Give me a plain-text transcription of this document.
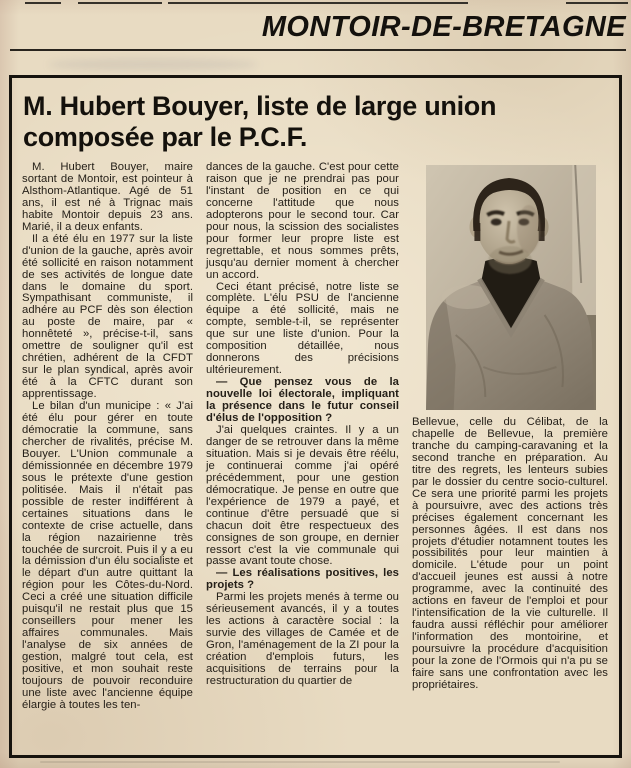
MONTOIR-DE-BRETAGNE
M. Hubert Bouyer, liste de large union composée par le P.C.F.

M. Hubert Bouyer, maire sortant de Montoir, est pointeur à Alsthom-Atlantique. Agé de 51 ans, il est né à Trignac mais habite Montoir depuis 23 ans. Marié, il a deux enfants.

Il a été élu en 1977 sur la liste d'union de la gauche, après avoir été sollicité en raison notamment de ses activités de longue date dans le domaine du sport. Sympathisant communiste, il adhére au PCF dès son élection au poste de maire, par « honnêteté », précise-t-il, sans omettre de souligner qu'il est chrétien, adhérent de la CFDT sur le plan syndical, après avoir été à la CFTC durant son apprentissage.

Le bilan d'un municipe : « J'ai été élu pour gérer en toute démocratie la commune, sans chercher de rivalités, précise M. Bouyer. L'Union communale a démissionnée en décembre 1979 sous le prétexte d'une gestion politisée. Mais il n'était pas possible de rester indifférent à certaines situations dans le contexte de crise actuelle, dans la région nazairienne très touchée de surcroit. Puis il y a eu la démission d'un élu socialiste et le départ d'un autre quittant la région pour les Côtes-du-Nord. Ceci a créé une situation difficile puisqu'il ne restait plus que 15 conseillers pour mener les affaires communales. Mais l'analyse de six années de gestion, malgré tout cela, est positive, et mon souhait reste toujours de pouvoir reconduire une liste avec l'ancienne équipe élargie à toutes les ten-

dances de la gauche. C'est pour cette raison que je ne prendrai pas pour l'instant de position en ce qui concerne l'attitude que nous adopterons pour le second tour. Car pour nous, la scission des socialistes pour former leur propre liste est regrettable, et nous sommes prêts, jusqu'au dernier moment à chercher un accord.

Ceci étant précisé, notre liste se complète. L'élu PSU de l'ancienne équipe a été sollicité, mais ne compte, semble-t-il, se représenter que sur une liste d'union. Pour la composition détaillée, nous donnerons des précisions ultérieurement.

— Que pensez vous de la nouvelle loi électorale, impliquant la présence dans le futur conseil d'élus de l'opposition ?

J'ai quelques craintes. Il y a un danger de se retrouver dans la même situation. Mais si je devais être réélu, je continuerai comme j'ai opéré précédemment, pour une gestion démocratique. Je pense en outre que l'expérience de 1979 a payé, et continue d'être persuadé que si chacun doit être respectueux des consignes de son groupe, en dernier ressort c'est la vie communale qui passe avant toute chose.

— Les réalisations positives, les projets ?

Parmi les projets menés à terme ou sérieusement avancés, il y a toutes les actions à caractère social : la survie des villages de Camée et de Gron, l'aménagement de la ZI pour la création d'emplois futurs, les acquisitions de terrains pour la restructuration du quartier de

Bellevue, celle du Célibat, de la chapelle de Bellevue, la première tranche du camping-caravaning et la second tranche en préparation. Au titre des regrets, les lenteurs subies par le dossier du centre socio-culturel. Ce sera une priorité parmi les projets à poursuivre, avec des actions très précises également concernant les personnes âgées. Il est dans nos projets d'étudier notamnent toutes les possibilités pour leur maintien à domicile. L'étude pour un point d'accueil jeunes est aussi à notre programme, avec la continuité des actions en faveur de l'emploi et pour l'intensification de la vie culturelle. Il faudra aussi réfléchir pour améliorer l'information des montoirine, et poursuivre la procédure d'acquisition pour la zone de l'Ormois qui n'a pu se faire sans une confrontation avec les propriétaires.
